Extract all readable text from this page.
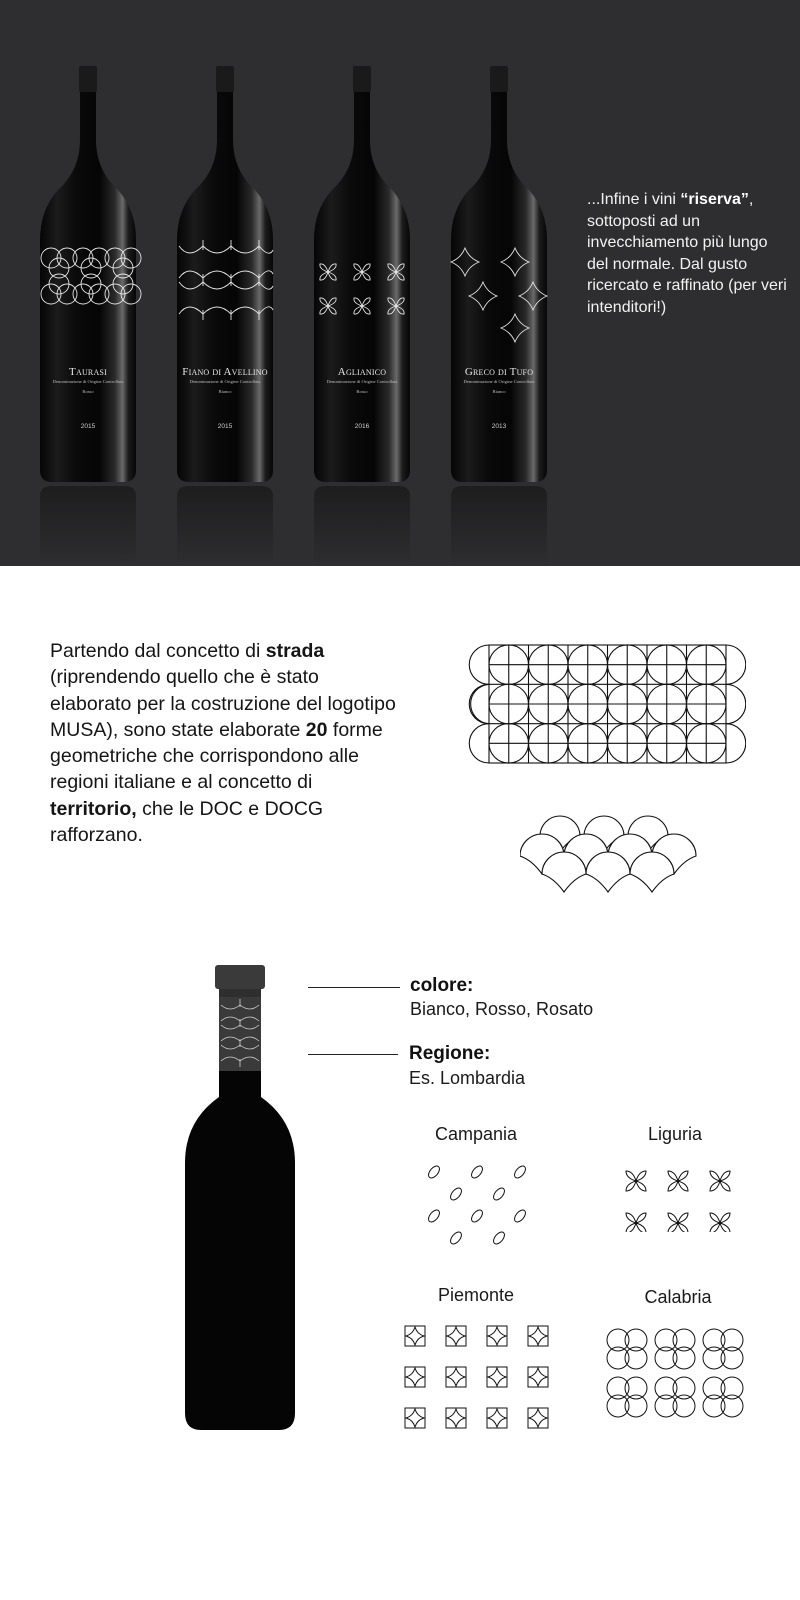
Taurasi
Denominazione di Origine Controllata
Rosso
2015
Fiano di Avellino
Denominazione di Origine Controllata
Bianco
2015
Aglianico
Denominazione di Origine Controllata
Rosso
2016
Greco di Tufo
Denominazione di Origine Controllata
Bianco
2013

...Infine i vini “riserva”, sottoposti ad un invecchiamento più lungo del normale. Dal gusto ricercato e raffinato (per veri intenditori!)

Partendo dal concetto di strada (riprendendo quello che è stato elaborato per la costruzione del logotipo MUSA), sono state elaborate 20 forme geometriche che corrispondono alle regioni italiane e al concetto di territorio, che le DOC e DOCG rafforzano.

colore:
Bianco, Rosso, Rosato
Regione:
Es. Lombardia
Campania	Liguria
Piemonte	Calabria
